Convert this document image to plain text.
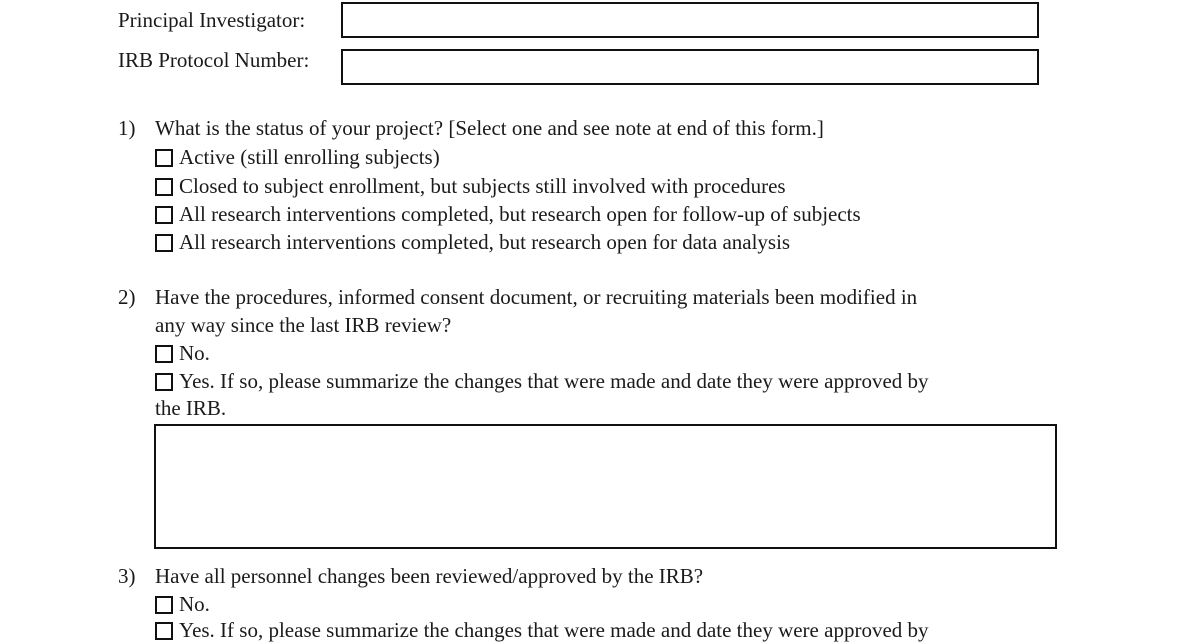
Principal Investigator:
IRB Protocol Number:
1) What is the status of your project? [Select one and see note at end of this form.]
Active (still enrolling subjects)
Closed to subject enrollment, but subjects still involved with procedures
All research interventions completed, but research open for follow-up of subjects
All research interventions completed, but research open for data analysis
2) Have the procedures, informed consent document, or recruiting materials been modified in
any way since the last IRB review?
No.
Yes. If so, please summarize the changes that were made and date they were approved by
the IRB.
3) Have all personnel changes been reviewed/approved by the IRB?
No.
Yes. If so, please summarize the changes that were made and date they were approved by
